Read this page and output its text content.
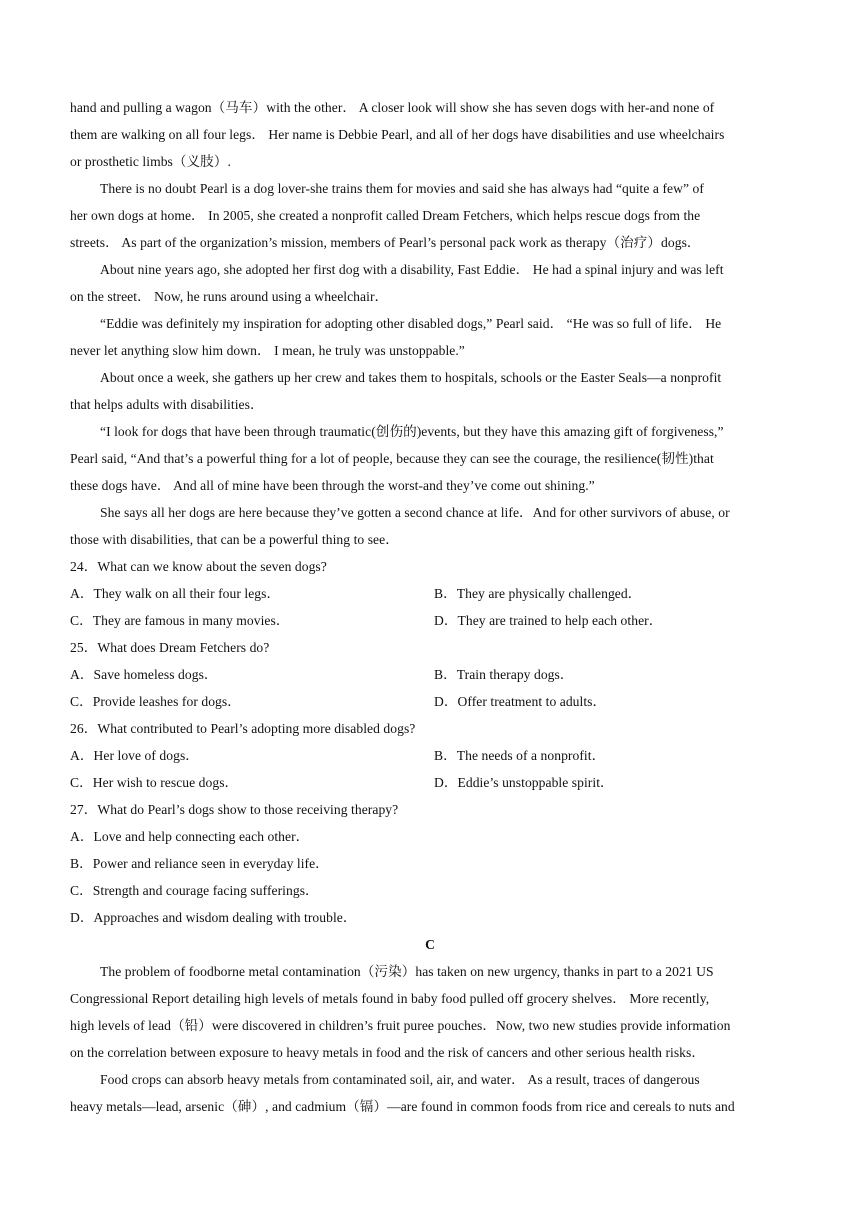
hand and pulling a wagon（马车）with the other． A closer look will show she has seven dogs with her-and none of
them are walking on all four legs． Her name is Debbie Pearl, and all of her dogs have disabilities and use wheelchairs
or prosthetic limbs（义肢）.
There is no doubt Pearl is a dog lover-she trains them for movies and said she has always had “quite a few” of
her own dogs at home． In 2005, she created a nonprofit called Dream Fetchers, which helps rescue dogs from the
streets． As part of the organization’s mission, members of Pearl’s personal pack work as therapy（治疗）dogs．
About nine years ago, she adopted her first dog with a disability, Fast Eddie． He had a spinal injury and was left
on the street． Now, he runs around using a wheelchair．
“Eddie was definitely my inspiration for adopting other disabled dogs,” Pearl said． “He was so full of life． He
never let anything slow him down． I mean, he truly was unstoppable.”
About once a week, she gathers up her crew and takes them to hospitals, schools or the Easter Seals—a nonprofit
that helps adults with disabilities．
“I look for dogs that have been through traumatic(创伤的)events, but they have this amazing gift of forgiveness,”
Pearl said, “And that’s a powerful thing for a lot of people, because they can see the courage, the resilience(韧性)that
these dogs have． And all of mine have been through the worst-and they’ve come out shining.”
She says all her dogs are here because they’ve gotten a second chance at life．And for other survivors of abuse, or
those with disabilities, that can be a powerful thing to see．
24．What can we know about the seven dogs?
A．They walk on all their four legs．	B．They are physically challenged．
C．They are famous in many movies．	D．They are trained to help each other．
25．What does Dream Fetchers do?
A．Save homeless dogs．	B．Train therapy dogs．
C．Provide leashes for dogs．	D．Offer treatment to adults．
26．What contributed to Pearl’s adopting more disabled dogs?
A．Her love of dogs．	B．The needs of a nonprofit．
C．Her wish to rescue dogs．	D．Eddie’s unstoppable spirit．
27．What do Pearl’s dogs show to those receiving therapy?
A．Love and help connecting each other．
B．Power and reliance seen in everyday life．
C．Strength and courage facing sufferings．
D．Approaches and wisdom dealing with trouble．
C
The problem of foodborne metal contamination（污染）has taken on new urgency, thanks in part to a 2021 US
Congressional Report detailing high levels of metals found in baby food pulled off grocery shelves． More recently,
high levels of lead（铅）were discovered in children’s fruit puree pouches．Now, two new studies provide information
on the correlation between exposure to heavy metals in food and the risk of cancers and other serious health risks．
Food crops can absorb heavy metals from contaminated soil, air, and water． As a result, traces of dangerous
heavy metals—lead, arsenic（砷）, and cadmium（镉）—are found in common foods from rice and cereals to nuts and
